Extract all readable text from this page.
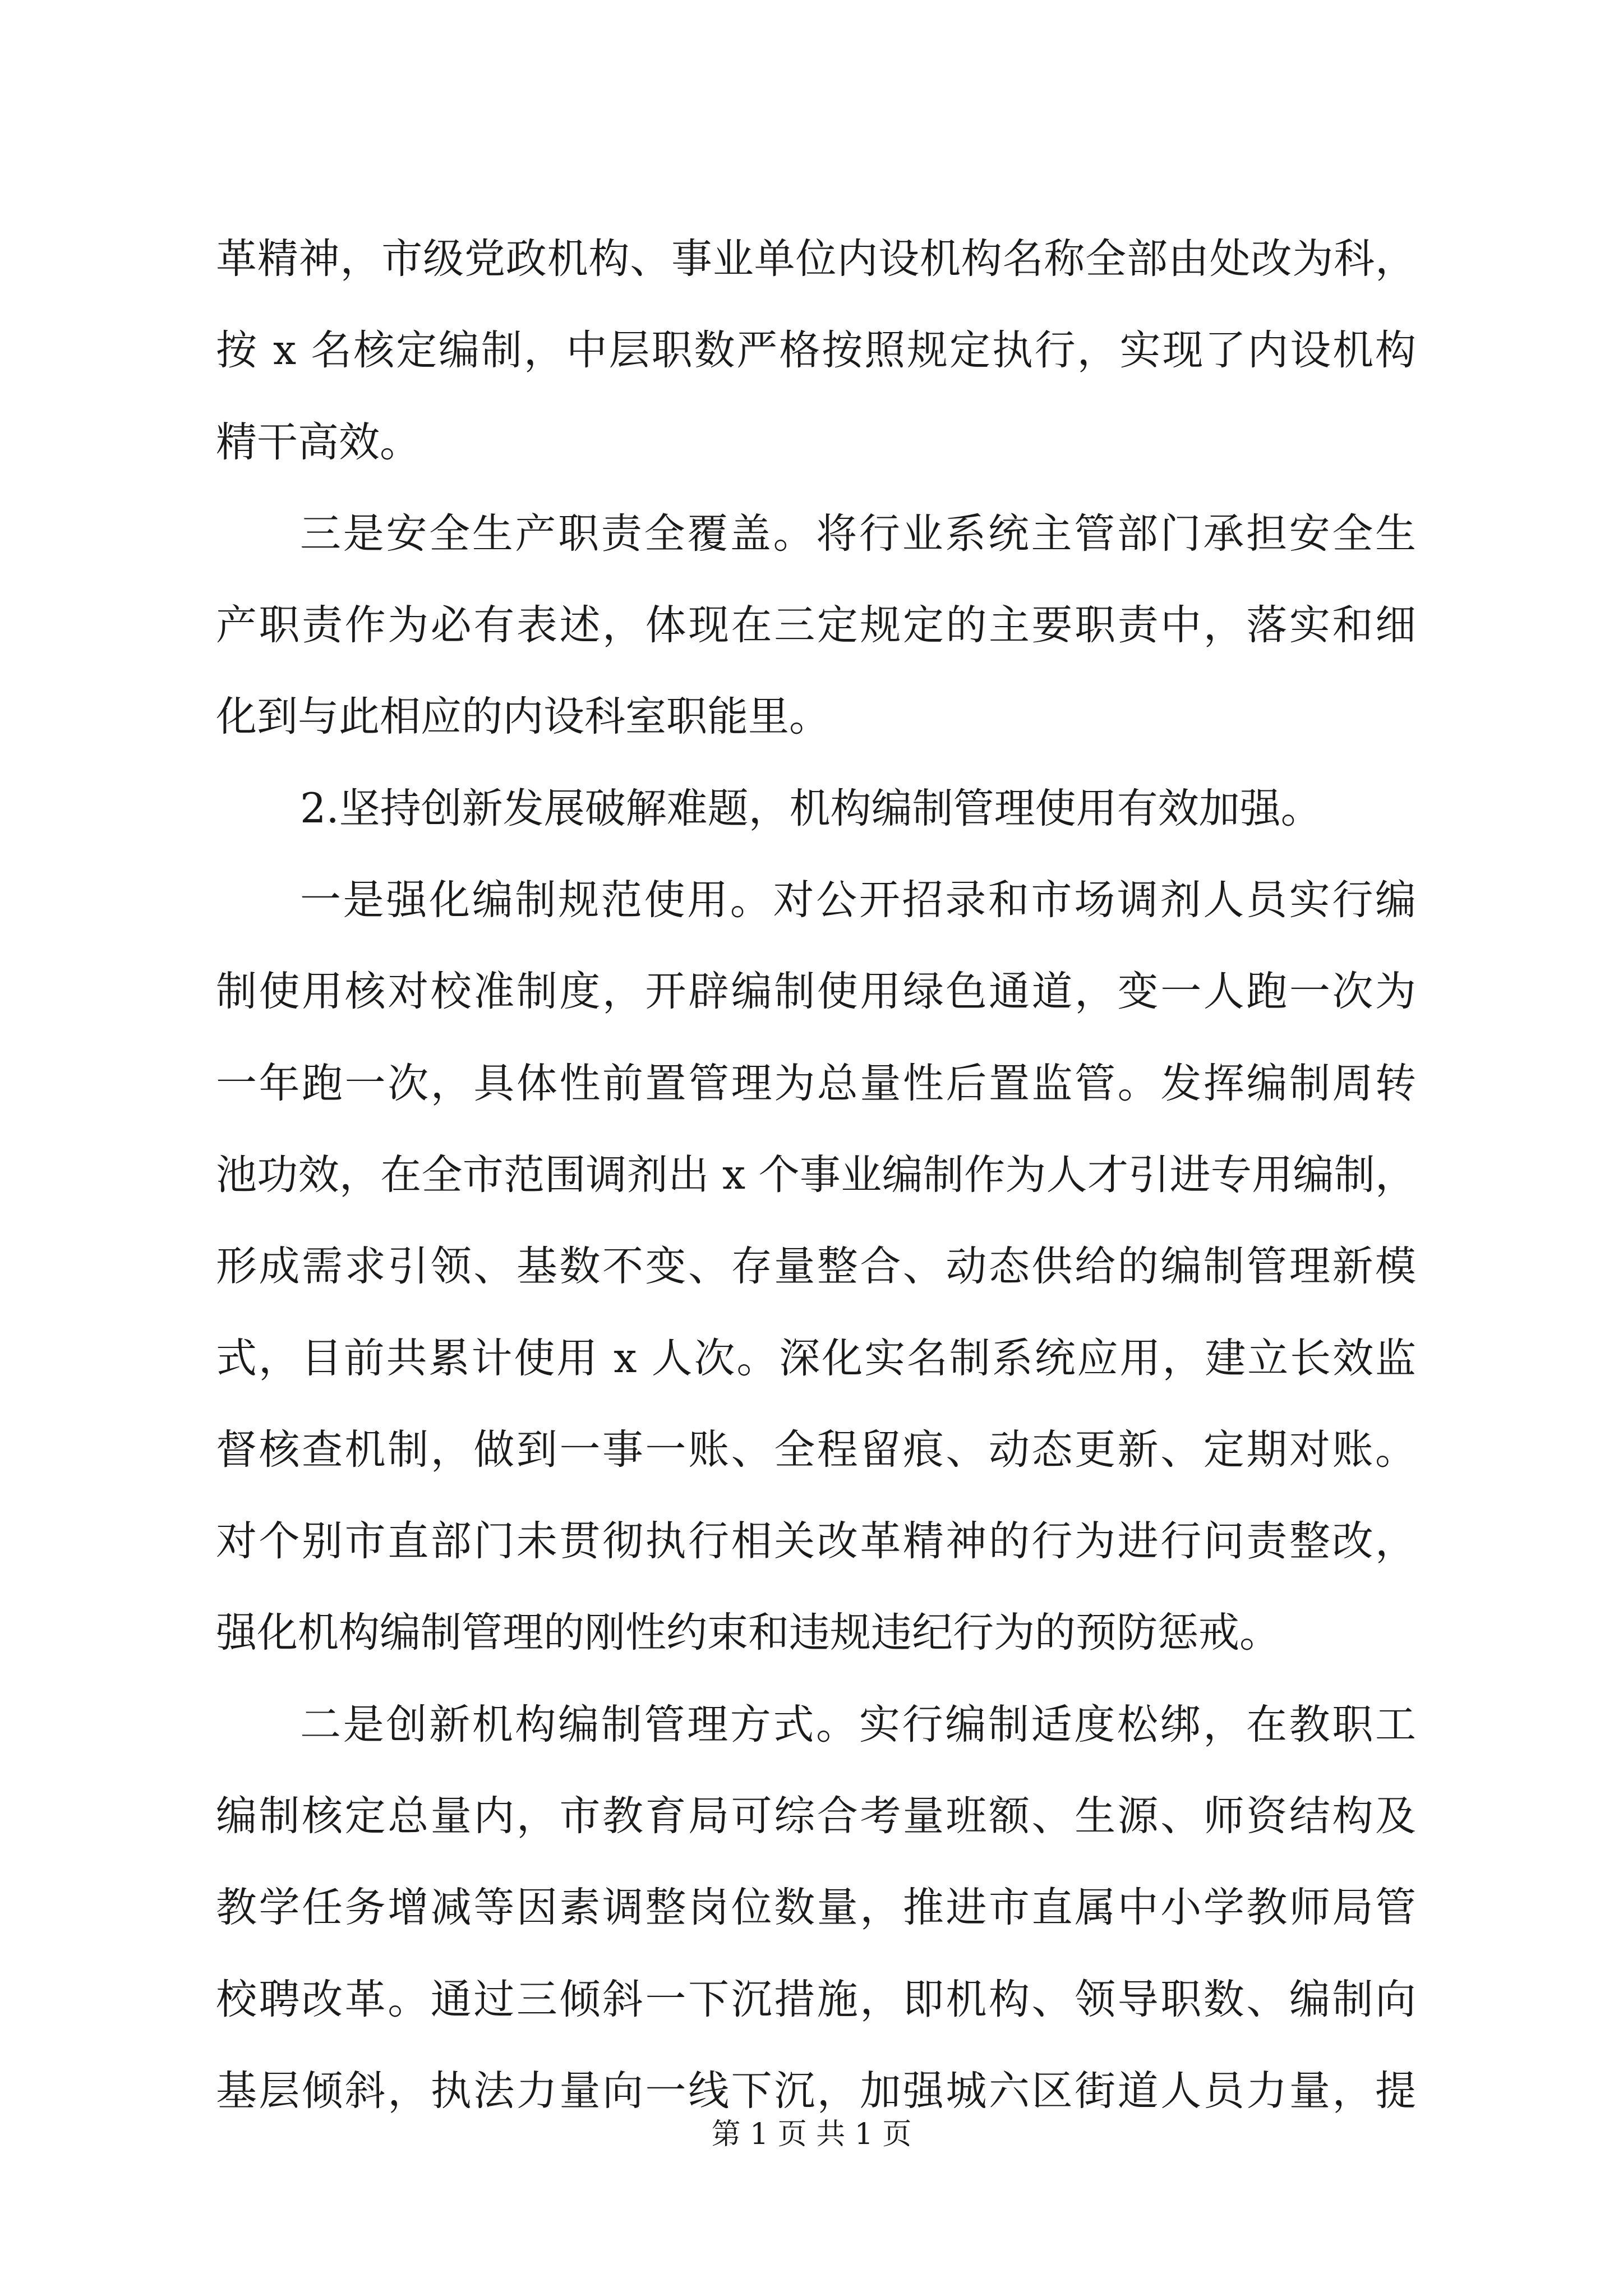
革精神，市级党政机构、事业单位内设机构名称全部由处改为科，
按 x 名核定编制，中层职数严格按照规定执行，实现了内设机构
精干高效。
三是安全生产职责全覆盖。将行业系统主管部门承担安全生
产职责作为必有表述，体现在三定规定的主要职责中，落实和细
化到与此相应的内设科室职能里。
2.坚持创新发展破解难题，机构编制管理使用有效加强。
一是强化编制规范使用。对公开招录和市场调剂人员实行编
制使用核对校准制度，开辟编制使用绿色通道，变一人跑一次为
一年跑一次，具体性前置管理为总量性后置监管。发挥编制周转
池功效，在全市范围调剂出 x 个事业编制作为人才引进专用编制，
形成需求引领、基数不变、存量整合、动态供给的编制管理新模
式，目前共累计使用 x 人次。深化实名制系统应用，建立长效监
督核查机制，做到一事一账、全程留痕、动态更新、定期对账。
对个别市直部门未贯彻执行相关改革精神的行为进行问责整改，
强化机构编制管理的刚性约束和违规违纪行为的预防惩戒。
二是创新机构编制管理方式。实行编制适度松绑，在教职工
编制核定总量内，市教育局可综合考量班额、生源、师资结构及
教学任务增减等因素调整岗位数量，推进市直属中小学教师局管
校聘改革。通过三倾斜一下沉措施，即机构、领导职数、编制向
基层倾斜，执法力量向一线下沉，加强城六区街道人员力量，提
第 1 页 共 1 页
